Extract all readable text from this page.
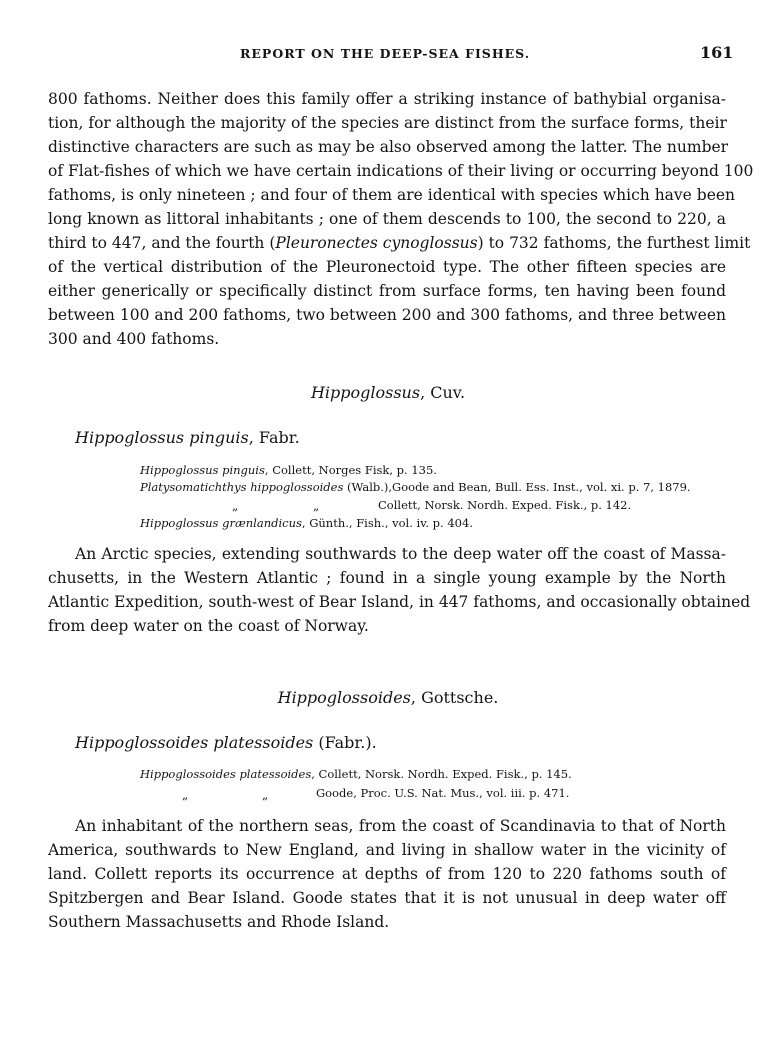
REPORT ON THE DEEP-SEA FISHES.	161
800 fathoms. Neither does this family offer a striking instance of bathybial organisa-
tion, for although the majority of the species are distinct from the surface forms, their
distinctive characters are such as may be also observed among the latter. The number
of Flat-fishes of which we have certain indications of their living or occurring beyond 100
fathoms, is only nineteen ; and four of them are identical with species which have been
long known as littoral inhabitants ; one of them descends to 100, the second to 220, a
third to 447, and the fourth (Pleuronectes cynoglossus) to 732 fathoms, the furthest limit
of the vertical distribution of the Pleuronectoid type. The other fifteen species are
either generically or specifically distinct from surface forms, ten having been found
between 100 and 200 fathoms, two between 200 and 300 fathoms, and three between
300 and 400 fathoms.
Hippoglossus, Cuv.
Hippoglossus pinguis, Fabr.
Hippoglossus pinguis, Collett, Norges Fisk, p. 135.
Platysomatichthys hippoglossoides (Walb.),Goode and Bean, Bull. Ess. Inst., vol. xi. p. 7, 1879.
„	„	Collett, Norsk. Nordh. Exped. Fisk., p. 142.
Hippoglossus grænlandicus, Günth., Fish., vol. iv. p. 404.
An Arctic species, extending southwards to the deep water off the coast of Massa-
chusetts, in the Western Atlantic ; found in a single young example by the North
Atlantic Expedition, south-west of Bear Island, in 447 fathoms, and occasionally obtained
from deep water on the coast of Norway.
Hippoglossoides, Gottsche.
Hippoglossoides platessoides (Fabr.).
Hippoglossoides platessoides, Collett, Norsk. Nordh. Exped. Fisk., p. 145.
„	„	Goode, Proc. U.S. Nat. Mus., vol. iii. p. 471.
An inhabitant of the northern seas, from the coast of Scandinavia to that of North
America, southwards to New England, and living in shallow water in the vicinity of
land. Collett reports its occurrence at depths of from 120 to 220 fathoms south of
Spitzbergen and Bear Island. Goode states that it is not unusual in deep water off
Southern Massachusetts and Rhode Island.
